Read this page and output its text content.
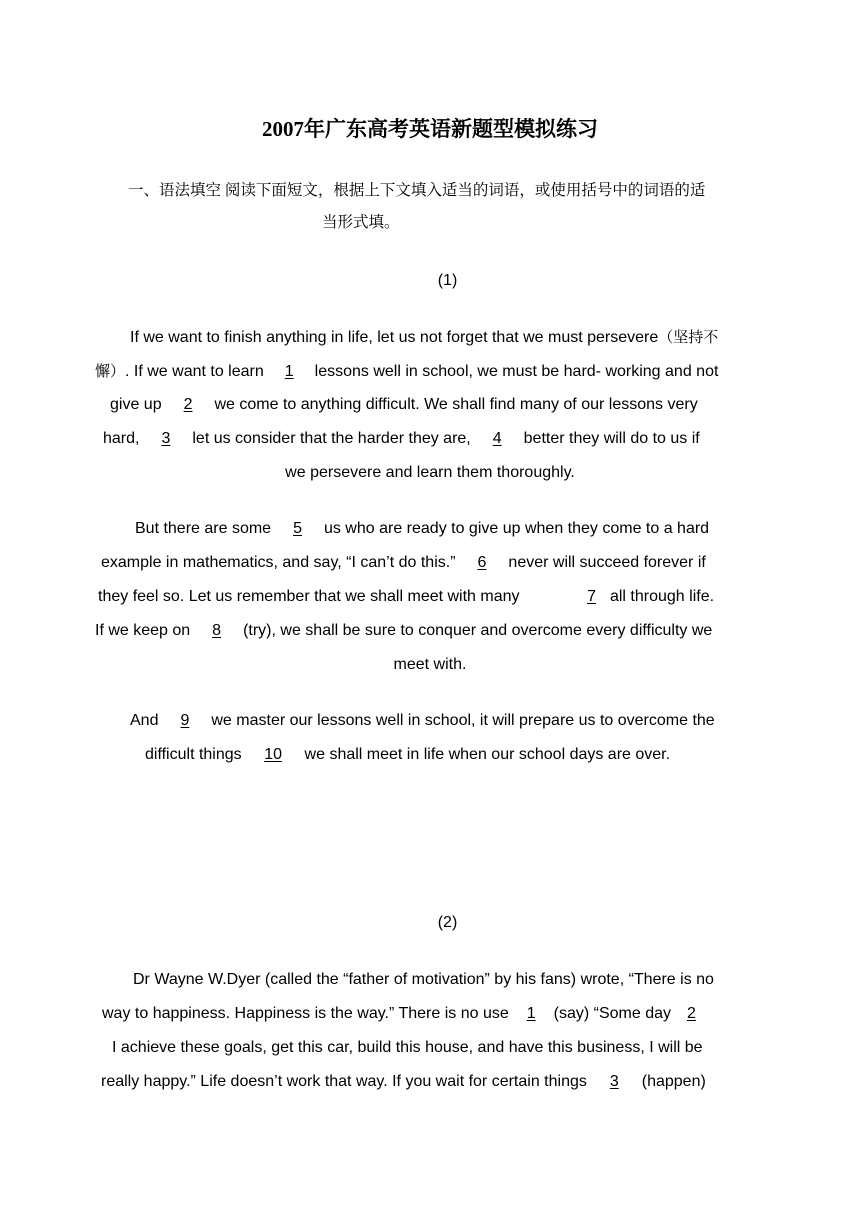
2007年广东高考英语新题型模拟练习
一、语法填空 阅读下面短文，根据上下文填入适当的词语，或使用括号中的词语的适
当形式填。
(1)
If we want to finish anything in life, let us not forget that we must persevere（坚持不
懈）. If we want to learn 1 lessons well in school, we must be hard- working and not
give up 2 we come to anything difficult. We shall find many of our lessons very
hard, 3 let us consider that the harder they are, 4 better they will do to us if
we persevere and learn them thoroughly.
But there are some 5 us who are ready to give up when they come to a hard
example in mathematics, and say, “I can’t do this.” 6 never will succeed forever if
they feel so. Let us remember that we shall meet with many	7 all through life.
If we keep on 8 (try), we shall be sure to conquer and overcome every difficulty we
meet with.
And 9 we master our lessons well in school, it will prepare us to overcome the
difficult things 10 we shall meet in life when our school days are over.
(2)
Dr Wayne W.Dyer (called the “father of motivation” by his fans) wrote, “There is no
way to happiness. Happiness is the way.” There is no use 1 (say) “Some day 2
I achieve these goals, get this car, build this house, and have this business, I will be
really happy.” Life doesn’t work that way. If you wait for certain things 3 (happen)
